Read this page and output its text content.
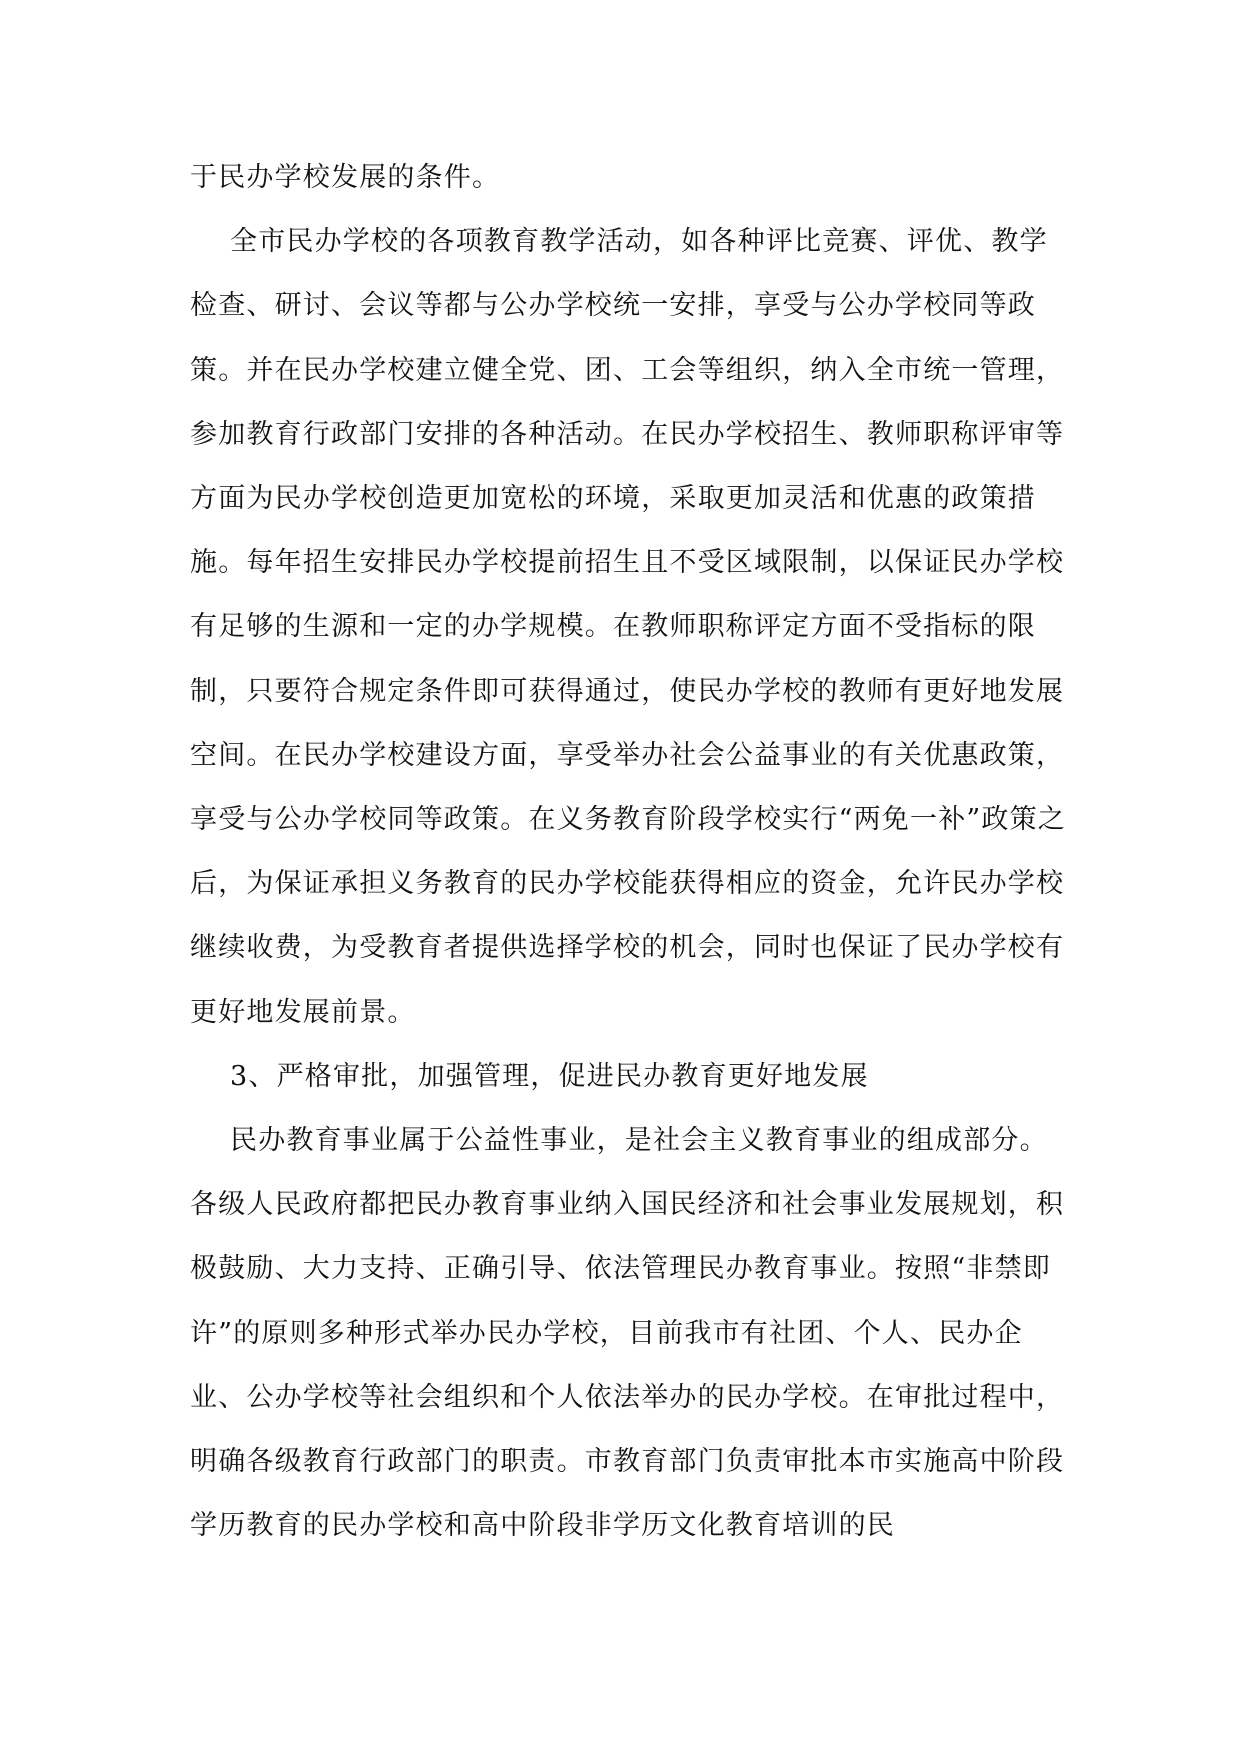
于民办学校发展的条件。

全市民办学校的各项教育教学活动，如各种评比竞赛、评优、教学检查、研讨、会议等都与公办学校统一安排，享受与公办学校同等政策。并在民办学校建立健全党、团、工会等组织，纳入全市统一管理，参加教育行政部门安排的各种活动。在民办学校招生、教师职称评审等方面为民办学校创造更加宽松的环境，采取更加灵活和优惠的政策措施。每年招生安排民办学校提前招生且不受区域限制，以保证民办学校有足够的生源和一定的办学规模。在教师职称评定方面不受指标的限制，只要符合规定条件即可获得通过，使民办学校的教师有更好地发展空间。在民办学校建设方面，享受举办社会公益事业的有关优惠政策，享受与公办学校同等政策。在义务教育阶段学校实行“两免一补”政策之后，为保证承担义务教育的民办学校能获得相应的资金，允许民办学校继续收费，为受教育者提供选择学校的机会，同时也保证了民办学校有更好地发展前景。

3、严格审批，加强管理，促进民办教育更好地发展

民办教育事业属于公益性事业，是社会主义教育事业的组成部分。各级人民政府都把民办教育事业纳入国民经济和社会事业发展规划，积极鼓励、大力支持、正确引导、依法管理民办教育事业。按照“非禁即许”的原则多种形式举办民办学校，目前我市有社团、个人、民办企业、公办学校等社会组织和个人依法举办的民办学校。在审批过程中，明确各级教育行政部门的职责。市教育部门负责审批本市实施高中阶段学历教育的民办学校和高中阶段非学历文化教育培训的民
